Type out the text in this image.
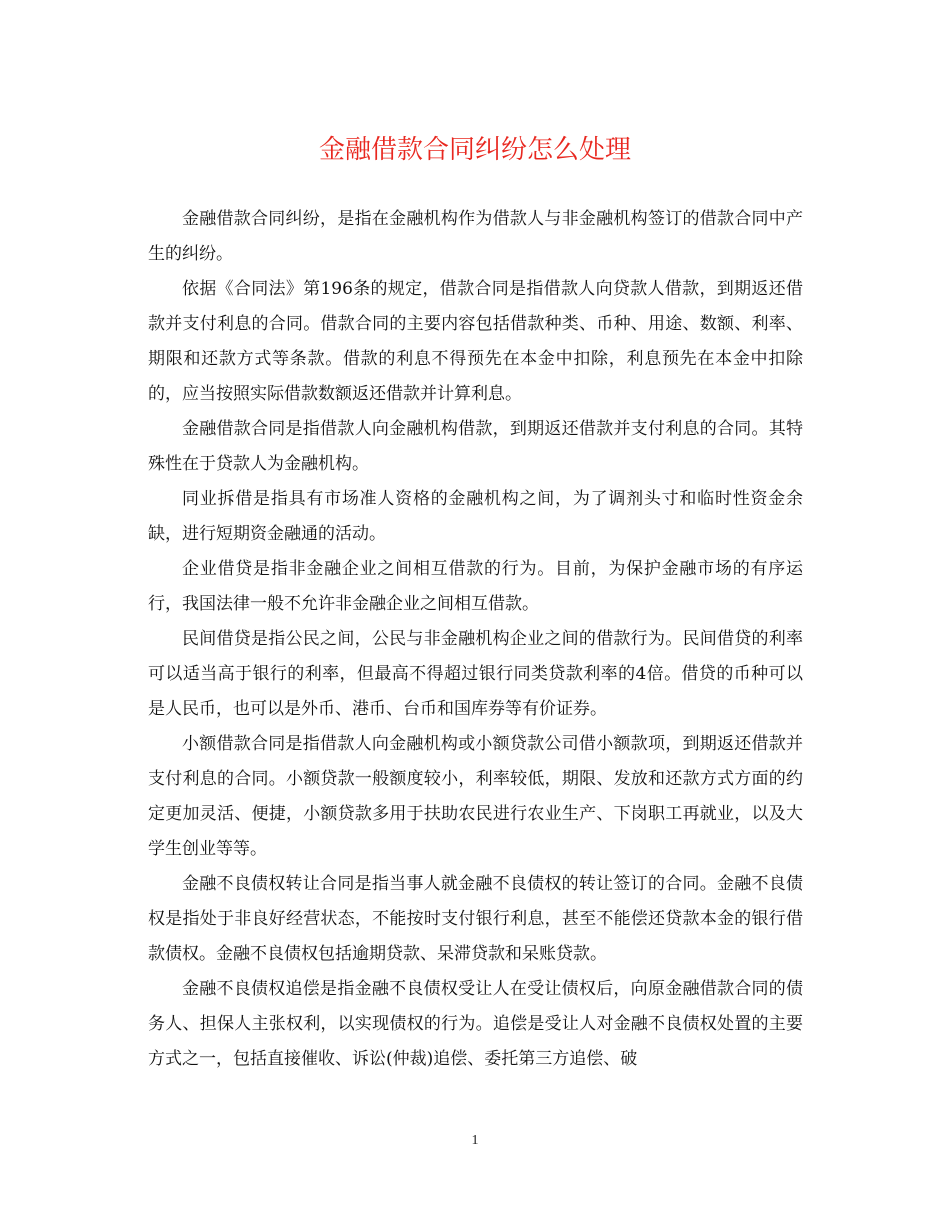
金融借款合同纠纷怎么处理

金融借款合同纠纷，是指在金融机构作为借款人与非金融机构签订的借款合同中产生的纠纷。

依据《合同法》第196条的规定，借款合同是指借款人向贷款人借款，到期返还借款并支付利息的合同。借款合同的主要内容包括借款种类、币种、用途、数额、利率、期限和还款方式等条款。借款的利息不得预先在本金中扣除，利息预先在本金中扣除的，应当按照实际借款数额返还借款并计算利息。

金融借款合同是指借款人向金融机构借款，到期返还借款并支付利息的合同。其特殊性在于贷款人为金融机构。

同业拆借是指具有市场准人资格的金融机构之间，为了调剂头寸和临时性资金余缺，进行短期资金融通的活动。

企业借贷是指非金融企业之间相互借款的行为。目前，为保护金融市场的有序运行，我国法律一般不允许非金融企业之间相互借款。

民间借贷是指公民之间，公民与非金融机构企业之间的借款行为。民间借贷的利率可以适当高于银行的利率，但最高不得超过银行同类贷款利率的4倍。借贷的币种可以是人民币，也可以是外币、港币、台币和国库券等有价证券。

小额借款合同是指借款人向金融机构或小额贷款公司借小额款项，到期返还借款并支付利息的合同。小额贷款一般额度较小，利率较低，期限、发放和还款方式方面的约定更加灵活、便捷，小额贷款多用于扶助农民进行农业生产、下岗职工再就业，以及大学生创业等等。

金融不良债权转让合同是指当事人就金融不良债权的转让签订的合同。金融不良债权是指处于非良好经营状态，不能按时支付银行利息，甚至不能偿还贷款本金的银行借款债权。金融不良债权包括逾期贷款、呆滞贷款和呆账贷款。

金融不良债权追偿是指金融不良债权受让人在受让债权后，向原金融借款合同的债务人、担保人主张权利，以实现债权的行为。追偿是受让人对金融不良债权处置的主要方式之一，包括直接催收、诉讼(仲裁)追偿、委托第三方追偿、破

1
